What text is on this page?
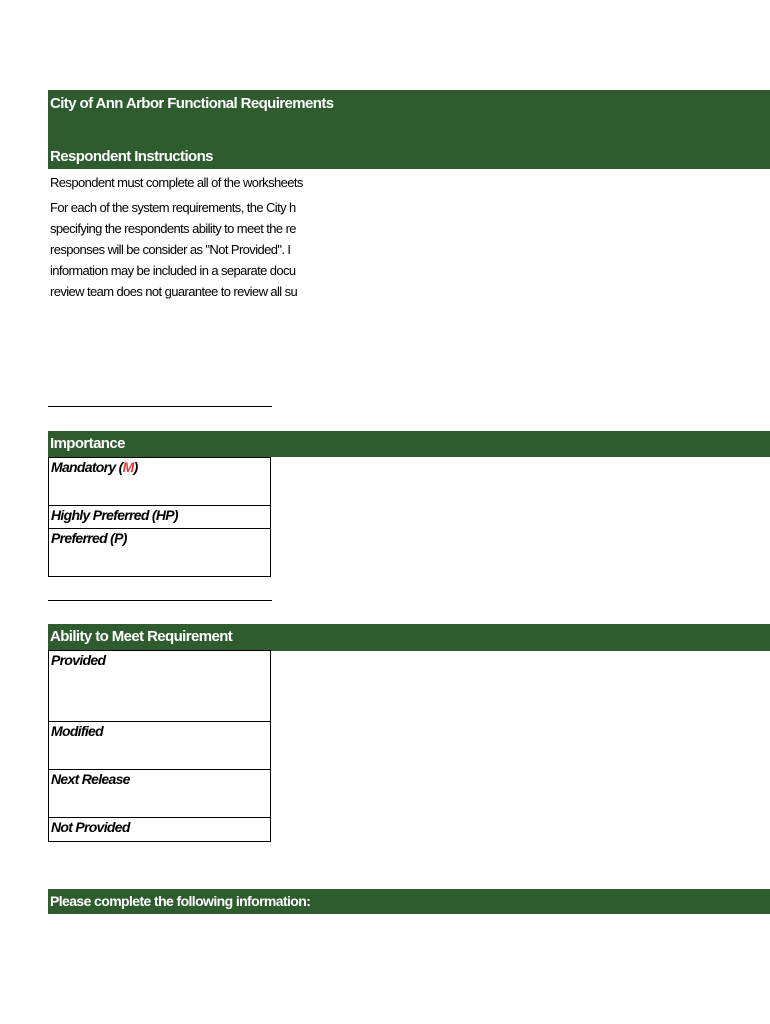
City of Ann Arbor Functional Requirements
Respondent Instructions
Respondent must complete all of the worksheets
For each of the system requirements, the City h
specifying the respondents ability to meet the re
responses will be consider as "Not Provided". I
information may be included in a separate docu
review team does not guarantee to review all su
Importance
Mandatory (M)
Highly Preferred (HP)
Preferred (P)
Ability to Meet Requirement
Provided
Modified
Next Release
Not Provided
Please complete the following information:
